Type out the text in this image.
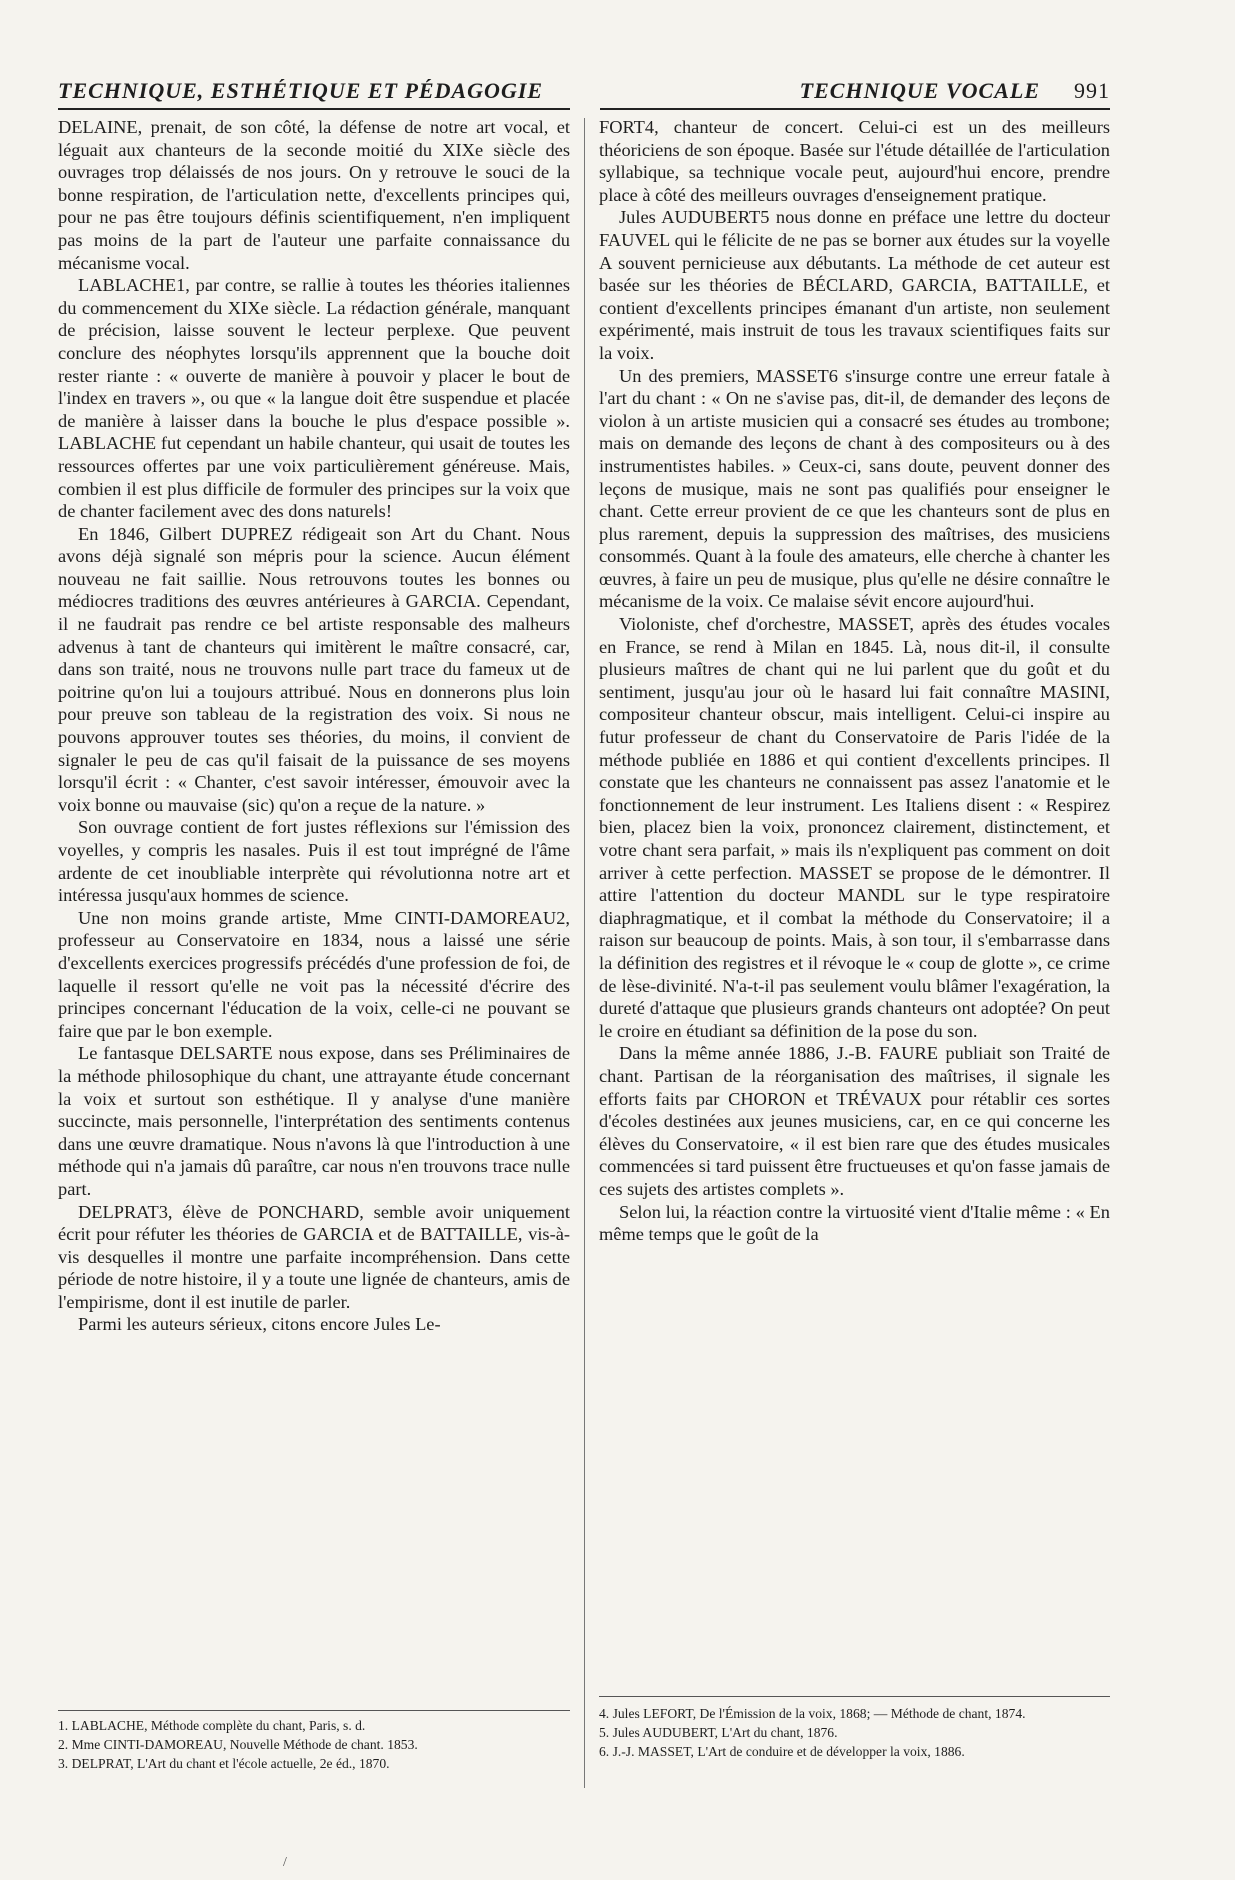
TECHNIQUE, ESTHÉTIQUE ET PÉDAGOGIE	TECHNIQUE VOCALE 991

DELAINE, prenait, de son côté, la défense de notre art vocal, et léguait aux chanteurs de la seconde moitié du XIXe siècle des ouvrages trop délaissés de nos jours. On y retrouve le souci de la bonne respiration, de l'articulation nette, d'excellents principes qui, pour ne pas être toujours définis scientifiquement, n'en impliquent pas moins de la part de l'auteur une parfaite connaissance du mécanisme vocal.

LABLACHE1, par contre, se rallie à toutes les théories italiennes du commencement du XIXe siècle. La rédaction générale, manquant de précision, laisse souvent le lecteur perplexe. Que peuvent conclure des néophytes lorsqu'ils apprennent que la bouche doit rester riante : « ouverte de manière à pouvoir y placer le bout de l'index en travers », ou que « la langue doit être suspendue et placée de manière à laisser dans la bouche le plus d'espace possible ». LABLACHE fut cependant un habile chanteur, qui usait de toutes les ressources offertes par une voix particulièrement généreuse. Mais, combien il est plus difficile de formuler des principes sur la voix que de chanter facilement avec des dons naturels!

En 1846, Gilbert DUPREZ rédigeait son Art du Chant. Nous avons déjà signalé son mépris pour la science. Aucun élément nouveau ne fait saillie. Nous retrouvons toutes les bonnes ou médiocres traditions des œuvres antérieures à GARCIA. Cependant, il ne faudrait pas rendre ce bel artiste responsable des malheurs advenus à tant de chanteurs qui imitèrent le maître consacré, car, dans son traité, nous ne trouvons nulle part trace du fameux ut de poitrine qu'on lui a toujours attribué. Nous en donnerons plus loin pour preuve son tableau de la registration des voix. Si nous ne pouvons approuver toutes ses théories, du moins, il convient de signaler le peu de cas qu'il faisait de la puissance de ses moyens lorsqu'il écrit : « Chanter, c'est savoir intéresser, émouvoir avec la voix bonne ou mauvaise (sic) qu'on a reçue de la nature. »

Son ouvrage contient de fort justes réflexions sur l'émission des voyelles, y compris les nasales. Puis il est tout imprégné de l'âme ardente de cet inoubliable interprète qui révolutionna notre art et intéressa jusqu'aux hommes de science.

Une non moins grande artiste, Mme CINTI-DAMOREAU2, professeur au Conservatoire en 1834, nous a laissé une série d'excellents exercices progressifs précédés d'une profession de foi, de laquelle il ressort qu'elle ne voit pas la nécessité d'écrire des principes concernant l'éducation de la voix, celle-ci ne pouvant se faire que par le bon exemple.

Le fantasque DELSARTE nous expose, dans ses Préliminaires de la méthode philosophique du chant, une attrayante étude concernant la voix et surtout son esthétique. Il y analyse d'une manière succincte, mais personnelle, l'interprétation des sentiments contenus dans une œuvre dramatique. Nous n'avons là que l'introduction à une méthode qui n'a jamais dû paraître, car nous n'en trouvons trace nulle part.

DELPRAT3, élève de PONCHARD, semble avoir uniquement écrit pour réfuter les théories de GARCIA et de BATTAILLE, vis-à-vis desquelles il montre une parfaite incompréhension. Dans cette période de notre histoire, il y a toute une lignée de chanteurs, amis de l'empirisme, dont il est inutile de parler.

Parmi les auteurs sérieux, citons encore Jules Le-

FORT4, chanteur de concert. Celui-ci est un des meilleurs théoriciens de son époque. Basée sur l'étude détaillée de l'articulation syllabique, sa technique vocale peut, aujourd'hui encore, prendre place à côté des meilleurs ouvrages d'enseignement pratique.

Jules AUDUBERT5 nous donne en préface une lettre du docteur FAUVEL qui le félicite de ne pas se borner aux études sur la voyelle A souvent pernicieuse aux débutants. La méthode de cet auteur est basée sur les théories de BÉCLARD, GARCIA, BATTAILLE, et contient d'excellents principes émanant d'un artiste, non seulement expérimenté, mais instruit de tous les travaux scientifiques faits sur la voix.

Un des premiers, MASSET6 s'insurge contre une erreur fatale à l'art du chant : « On ne s'avise pas, dit-il, de demander des leçons de violon à un artiste musicien qui a consacré ses études au trombone; mais on demande des leçons de chant à des compositeurs ou à des instrumentistes habiles. » Ceux-ci, sans doute, peuvent donner des leçons de musique, mais ne sont pas qualifiés pour enseigner le chant. Cette erreur provient de ce que les chanteurs sont de plus en plus rarement, depuis la suppression des maîtrises, des musiciens consommés. Quant à la foule des amateurs, elle cherche à chanter les œuvres, à faire un peu de musique, plus qu'elle ne désire connaître le mécanisme de la voix. Ce malaise sévit encore aujourd'hui.

Violoniste, chef d'orchestre, MASSET, après des études vocales en France, se rend à Milan en 1845. Là, nous dit-il, il consulte plusieurs maîtres de chant qui ne lui parlent que du goût et du sentiment, jusqu'au jour où le hasard lui fait connaître MASINI, compositeur chanteur obscur, mais intelligent. Celui-ci inspire au futur professeur de chant du Conservatoire de Paris l'idée de la méthode publiée en 1886 et qui contient d'excellents principes. Il constate que les chanteurs ne connaissent pas assez l'anatomie et le fonctionnement de leur instrument. Les Italiens disent : « Respirez bien, placez bien la voix, prononcez clairement, distinctement, et votre chant sera parfait, » mais ils n'expliquent pas comment on doit arriver à cette perfection. MASSET se propose de le démontrer. Il attire l'attention du docteur MANDL sur le type respiratoire diaphragmatique, et il combat la méthode du Conservatoire; il a raison sur beaucoup de points. Mais, à son tour, il s'embarrasse dans la définition des registres et il révoque le « coup de glotte », ce crime de lèse-divinité. N'a-t-il pas seulement voulu blâmer l'exagération, la dureté d'attaque que plusieurs grands chanteurs ont adoptée? On peut le croire en étudiant sa définition de la pose du son.

Dans la même année 1886, J.-B. FAURE publiait son Traité de chant. Partisan de la réorganisation des maîtrises, il signale les efforts faits par CHORON et TRÉVAUX pour rétablir ces sortes d'écoles destinées aux jeunes musiciens, car, en ce qui concerne les élèves du Conservatoire, « il est bien rare que des études musicales commencées si tard puissent être fructueuses et qu'on fasse jamais de ces sujets des artistes complets ».

Selon lui, la réaction contre la virtuosité vient d'Italie même : « En même temps que le goût de la

1. LABLACHE, Méthode complète du chant, Paris, s. d.
2. Mme CINTI-DAMOREAU, Nouvelle Méthode de chant. 1853.
3. DELPRAT, L'Art du chant et l'école actuelle, 2e éd., 1870.
4. Jules LEFORT, De l'Émission de la voix, 1868; — Méthode de chant, 1874.
5. Jules AUDUBERT, L'Art du chant, 1876.
6. J.-J. MASSET, L'Art de conduire et de développer la voix, 1886.
/
